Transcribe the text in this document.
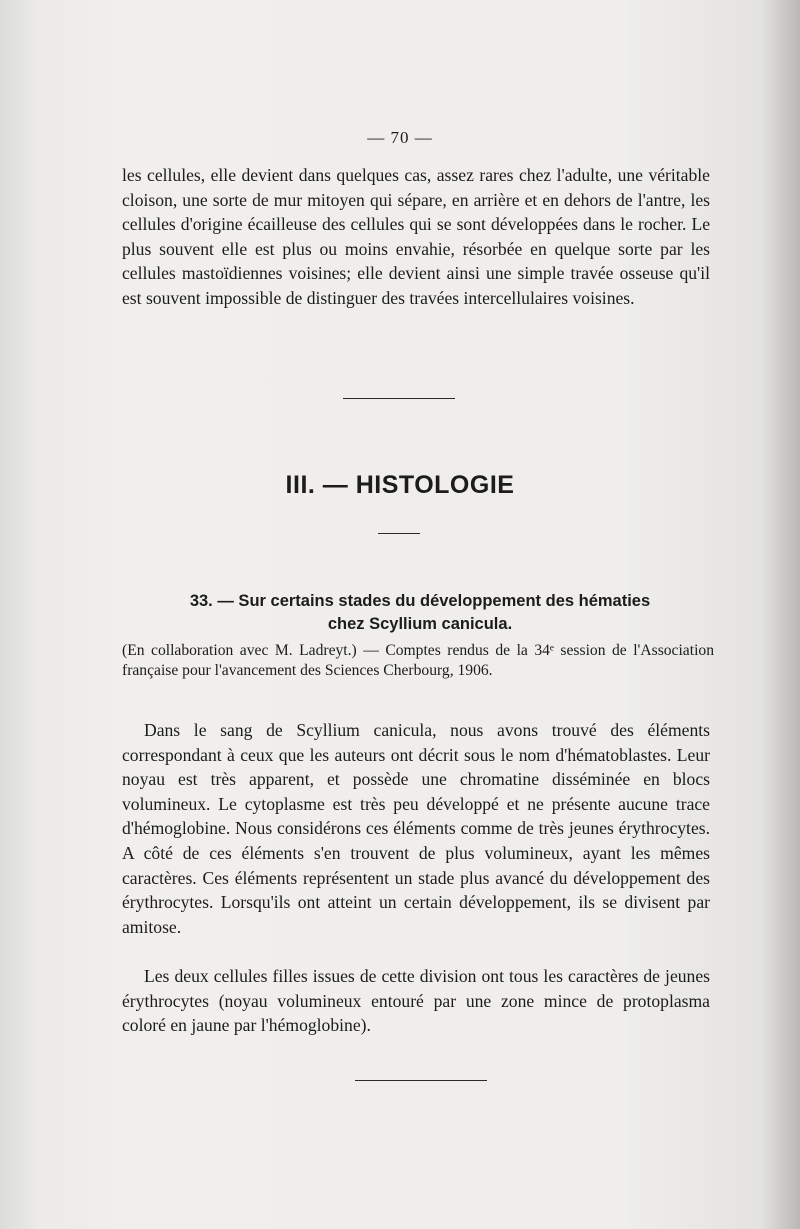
— 70 —

les cellules, elle devient dans quelques cas, assez rares chez l'adulte, une véritable cloison, une sorte de mur mitoyen qui sépare, en arrière et en dehors de l'antre, les cellules d'origine écailleuse des cellules qui se sont développées dans le rocher. Le plus souvent elle est plus ou moins envahie, résorbée en quelque sorte par les cellules mastoïdiennes voisines; elle devient ainsi une simple travée osseuse qu'il est souvent impossible de distinguer des travées intercellulaires voisines.

III. — HISTOLOGIE
33. — Sur certains stades du développement des hématies
chez Scyllium canicula.
(En collaboration avec M. Ladreyt.) — Comptes rendus de la 34ᵉ session de l'Association française pour l'avancement des Sciences Cherbourg, 1906.

Dans le sang de Scyllium canicula, nous avons trouvé des éléments correspondant à ceux que les auteurs ont décrit sous le nom d'hématoblastes. Leur noyau est très apparent, et possède une chromatine disséminée en blocs volumineux. Le cytoplasme est très peu développé et ne présente aucune trace d'hémoglobine. Nous considérons ces éléments comme de très jeunes érythrocytes. A côté de ces éléments s'en trouvent de plus volumineux, ayant les mêmes caractères. Ces éléments représentent un stade plus avancé du développement des érythrocytes. Lorsqu'ils ont atteint un certain développement, ils se divisent par amitose.

Les deux cellules filles issues de cette division ont tous les caractères de jeunes érythrocytes (noyau volumineux entouré par une zone mince de protoplasma coloré en jaune par l'hémoglobine).
